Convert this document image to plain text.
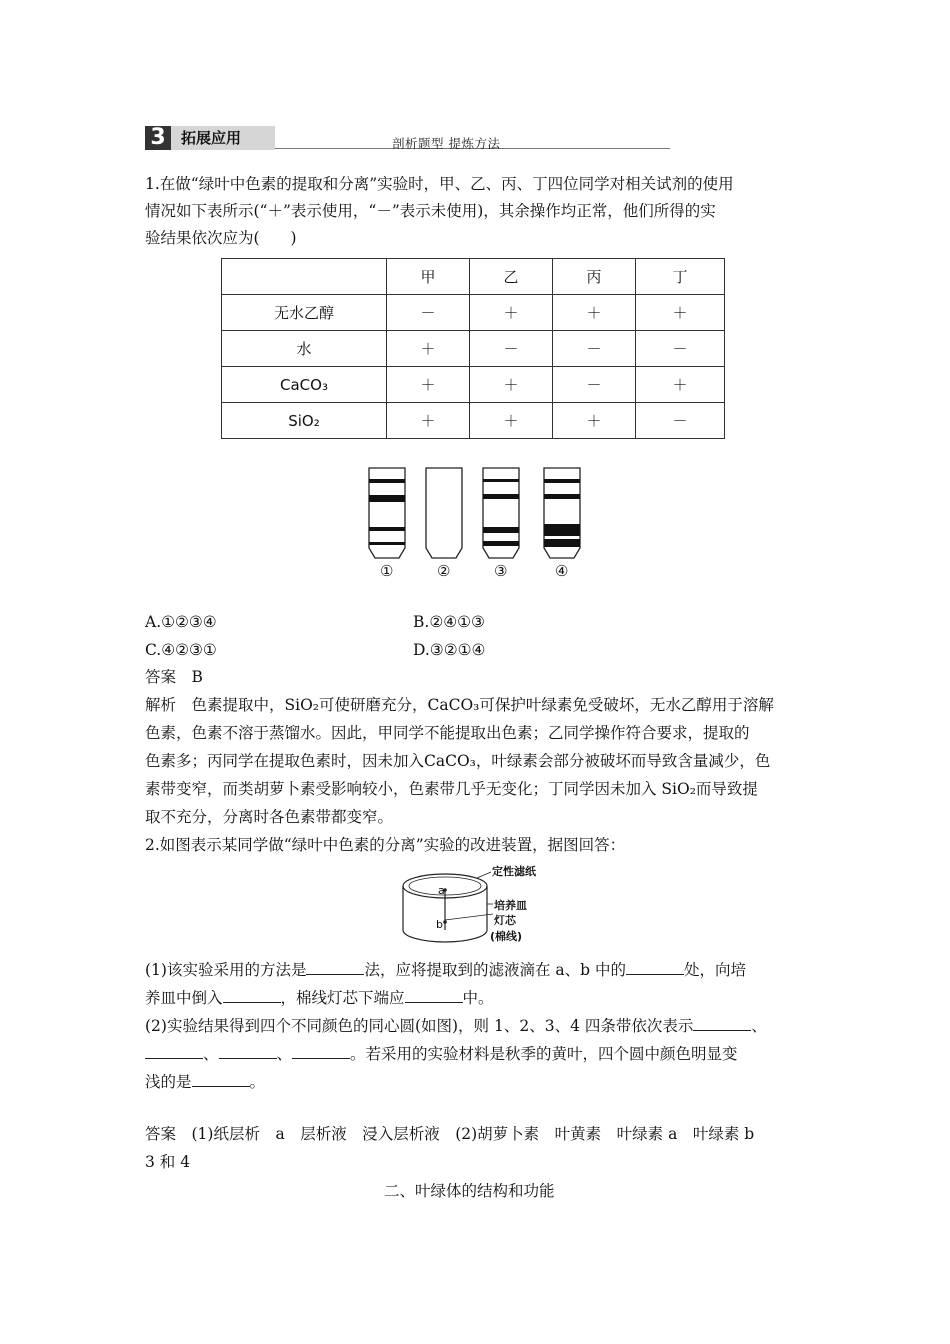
3	拓展应用	剖析题型 提炼方法
1.在做“绿叶中色素的提取和分离”实验时，甲、乙、丙、丁四位同学对相关试剂的使用
情况如下表所示(“＋”表示使用，“－”表示未使用)，其余操作均正常，他们所得的实
验结果依次应为(　　)
	甲	乙	丙	丁
无水乙醇	－	＋	＋	＋
水	＋	－	－	－
CaCO₃	＋	＋	－	＋
SiO₂	＋	＋	＋	－
①	②	③	④
A.①②③④	B.②④①③
C.④②③①	D.③②①④
答案　B
解析　色素提取中，SiO₂可使研磨充分，CaCO₃可保护叶绿素免受破坏，无水乙醇用于溶解
色素，色素不溶于蒸馏水。因此，甲同学不能提取出色素；乙同学操作符合要求，提取的
色素多；丙同学在提取色素时，因未加入CaCO₃，叶绿素会部分被破坏而导致含量减少，色
素带变窄，而类胡萝卜素受影响较小，色素带几乎无变化；丁同学因未加入 SiO₂而导致提
取不充分，分离时各色素带都变窄。
2.如图表示某同学做“绿叶中色素的分离”实验的改进装置，据图回答：
a
b
定性滤纸
培养皿
灯芯
(棉线)
(1)该实验采用的方法是	法，应将提取到的滤液滴在 a、b 中的	处，向培
养皿中倒入	，棉线灯芯下端应	中。
(2)实验结果得到四个不同颜色的同心圆(如图)，则 1、2、3、4 四条带依次表示	、
、	、	。若采用的实验材料是秋季的黄叶，四个圆中颜色明显变
浅的是	。
答案　(1)纸层析　a　层析液　浸入层析液　(2)胡萝卜素　叶黄素　叶绿素 a　叶绿素 b
3 和 4
二、叶绿体的结构和功能
